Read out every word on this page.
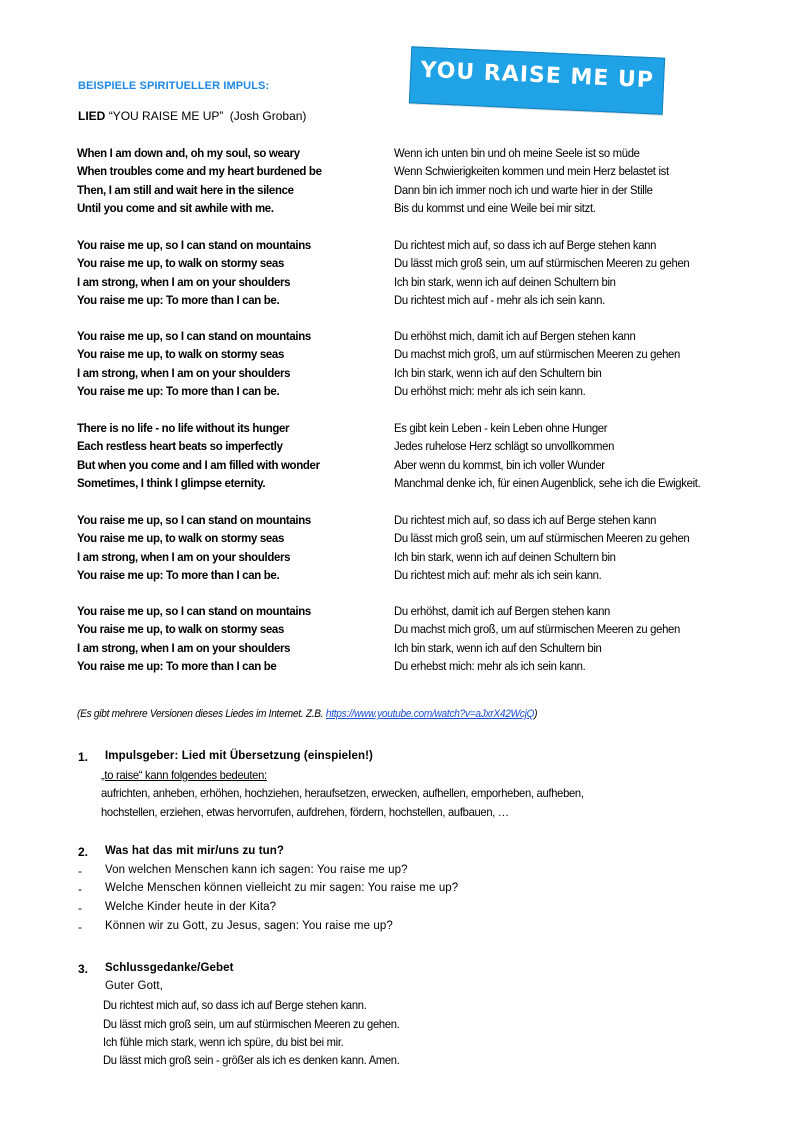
BEISPIELE SPIRITUELLER IMPULS:	YOU RAISE ME UP
LIED “YOU RAISE ME UP” (Josh Groban)
When I am down and, oh my soul, so weary	Wenn ich unten bin und oh meine Seele ist so müde
When troubles come and my heart burdened be	Wenn Schwierigkeiten kommen und mein Herz belastet ist
Then, I am still and wait here in the silence	Dann bin ich immer noch ich und warte hier in der Stille
Until you come and sit awhile with me.	Bis du kommst und eine Weile bei mir sitzt.
You raise me up, so I can stand on mountains	Du richtest mich auf, so dass ich auf Berge stehen kann
You raise me up, to walk on stormy seas	Du lässt mich groß sein, um auf stürmischen Meeren zu gehen
I am strong, when I am on your shoulders	Ich bin stark, wenn ich auf deinen Schultern bin
You raise me up: To more than I can be.	Du richtest mich auf - mehr als ich sein kann.
You raise me up, so I can stand on mountains	Du erhöhst mich, damit ich auf Bergen stehen kann
You raise me up, to walk on stormy seas	Du machst mich groß, um auf stürmischen Meeren zu gehen
I am strong, when I am on your shoulders	Ich bin stark, wenn ich auf den Schultern bin
You raise me up: To more than I can be.	Du erhöhst mich: mehr als ich sein kann.
There is no life - no life without its hunger	Es gibt kein Leben - kein Leben ohne Hunger
Each restless heart beats so imperfectly	Jedes ruhelose Herz schlägt so unvollkommen
But when you come and I am filled with wonder	Aber wenn du kommst, bin ich voller Wunder
Sometimes, I think I glimpse eternity.	Manchmal denke ich, für einen Augenblick, sehe ich die Ewigkeit.
You raise me up, so I can stand on mountains	Du richtest mich auf, so dass ich auf Berge stehen kann
You raise me up, to walk on stormy seas	Du lässt mich groß sein, um auf stürmischen Meeren zu gehen
I am strong, when I am on your shoulders	Ich bin stark, wenn ich auf deinen Schultern bin
You raise me up: To more than I can be.	Du richtest mich auf: mehr als ich sein kann.
You raise me up, so I can stand on mountains	Du erhöhst, damit ich auf Bergen stehen kann
You raise me up, to walk on stormy seas	Du machst mich groß, um auf stürmischen Meeren zu gehen
I am strong, when I am on your shoulders	Ich bin stark, wenn ich auf den Schultern bin
You raise me up: To more than I can be	Du erhebst mich: mehr als ich sein kann.
(Es gibt mehrere Versionen dieses Liedes im Internet. Z.B. https://www.youtube.com/watch?v=aJxrX42WcjQ)
1. Impulsgeber: Lied mit Übersetzung (einspielen!)
„to raise“ kann folgendes bedeuten:
aufrichten, anheben, erhöhen, hochziehen, heraufsetzen, erwecken, aufhellen, emporheben, aufheben,
hochstellen, erziehen, etwas hervorrufen, aufdrehen, fördern, hochstellen, aufbauen, …
2. Was hat das mit mir/uns zu tun?
- Von welchen Menschen kann ich sagen: You raise me up?
- Welche Menschen können vielleicht zu mir sagen: You raise me up?
- Welche Kinder heute in der Kita?
- Können wir zu Gott, zu Jesus, sagen: You raise me up?
3. Schlussgedanke/Gebet
Guter Gott,
Du richtest mich auf, so dass ich auf Berge stehen kann.
Du lässt mich groß sein, um auf stürmischen Meeren zu gehen.
Ich fühle mich stark, wenn ich spüre, du bist bei mir.
Du lässt mich groß sein - größer als ich es denken kann. Amen.
